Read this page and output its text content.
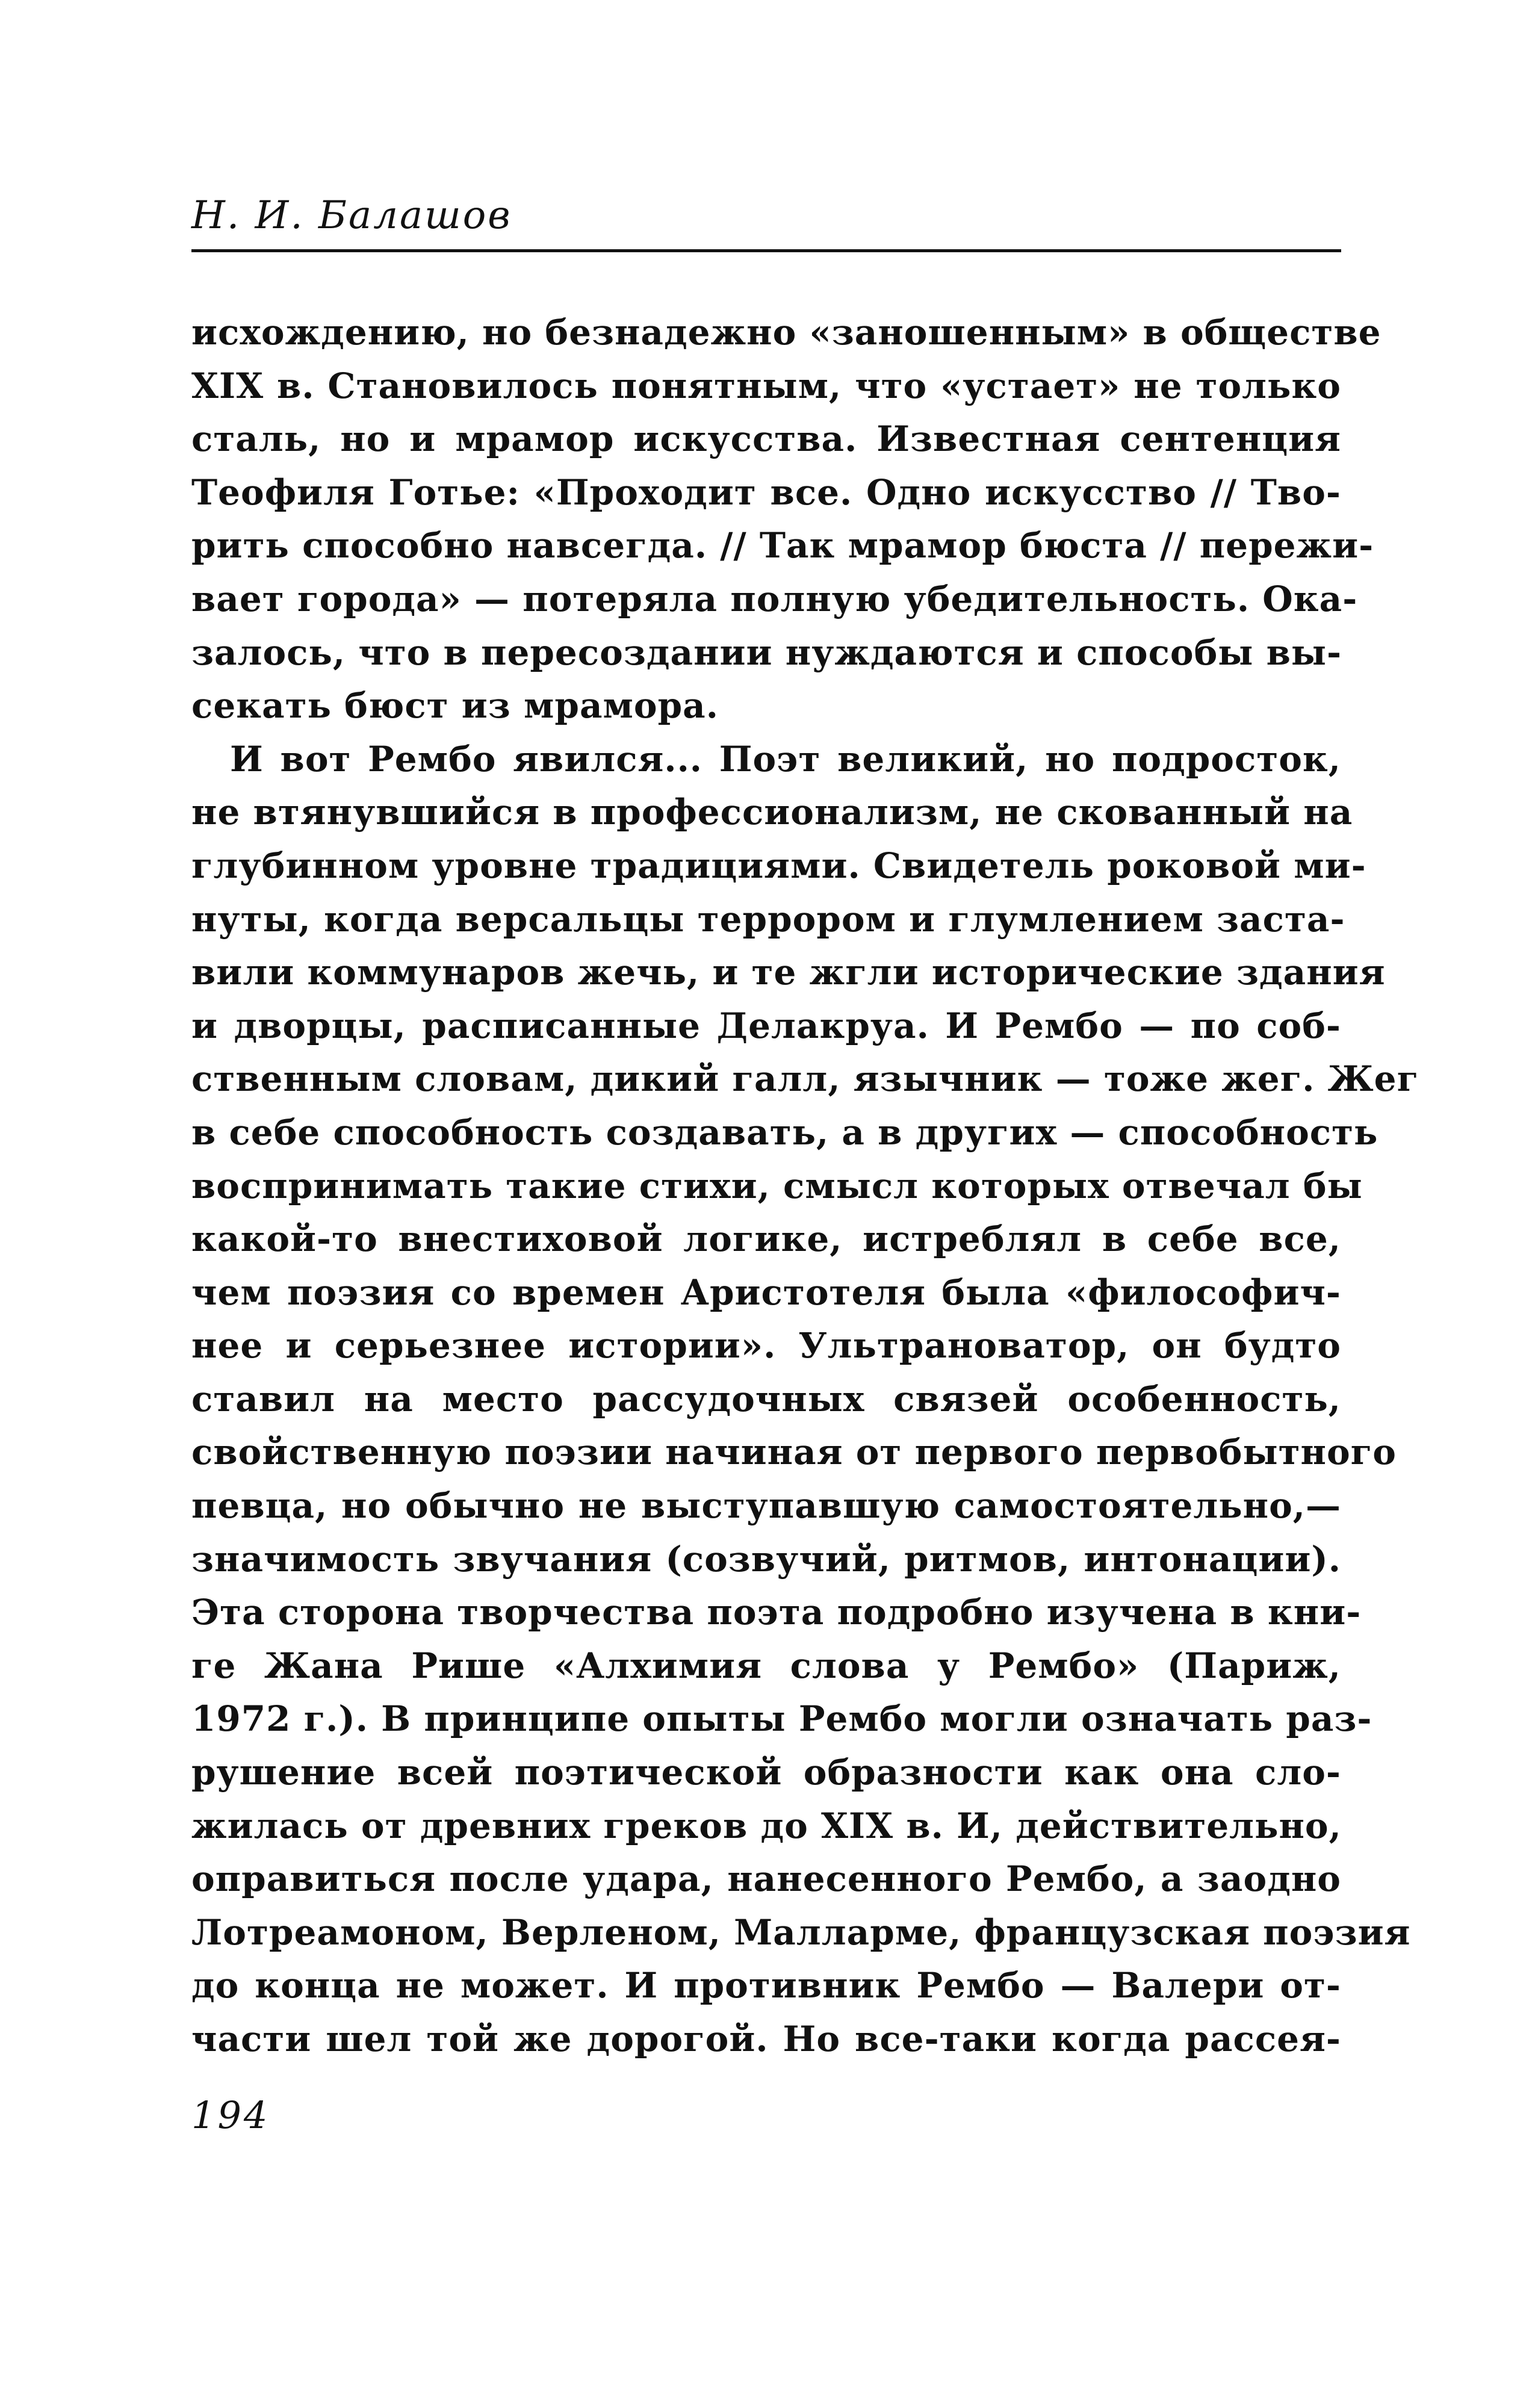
Н. И. Балашов
исхождению, но безнадежно «заношенным» в обществе
XIX в. Становилось понятным, что «устает» не только
сталь, но и мрамор искусства. Известная сентенция
Теофиля Готье: «Проходит все. Одно искусство // Тво-
рить способно навсегда. // Так мрамор бюста // пережи-
вает города» — потеряла полную убедительность. Ока-
залось, что в пересоздании нуждаются и способы вы-
секать бюст из мрамора.
И вот Рембо явился... Поэт великий, но подросток,
не втянувшийся в профессионализм, не скованный на
глубинном уровне традициями. Свидетель роковой ми-
нуты, когда версальцы террором и глумлением заста-
вили коммунаров жечь, и те жгли исторические здания
и дворцы, расписанные Делакруа. И Рембо — по соб-
ственным словам, дикий галл, язычник — тоже жег. Жег
в себе способность создавать, а в других — способность
воспринимать такие стихи, смысл которых отвечал бы
какой-то внестиховой логике, истреблял в себе все,
чем поэзия со времен Аристотеля была «философич-
нее и серьезнее истории». Ультрановатор, он будто
ставил на место рассудочных связей особенность,
свойственную поэзии начиная от первого первобытного
певца, но обычно не выступавшую самостоятельно,—
значимость звучания (созвучий, ритмов, интонации).
Эта сторона творчества поэта подробно изучена в кни-
ге Жана Рише «Алхимия слова у Рембо» (Париж,
1972 г.). В принципе опыты Рембо могли означать раз-
рушение всей поэтической образности как она сло-
жилась от древних греков до XIX в. И, действительно,
оправиться после удара, нанесенного Рембо, а заодно
Лотреамоном, Верленом, Малларме, французская поэзия
до конца не может. И противник Рембо — Валери от-
части шел той же дорогой. Но все-таки когда рассея-
194
